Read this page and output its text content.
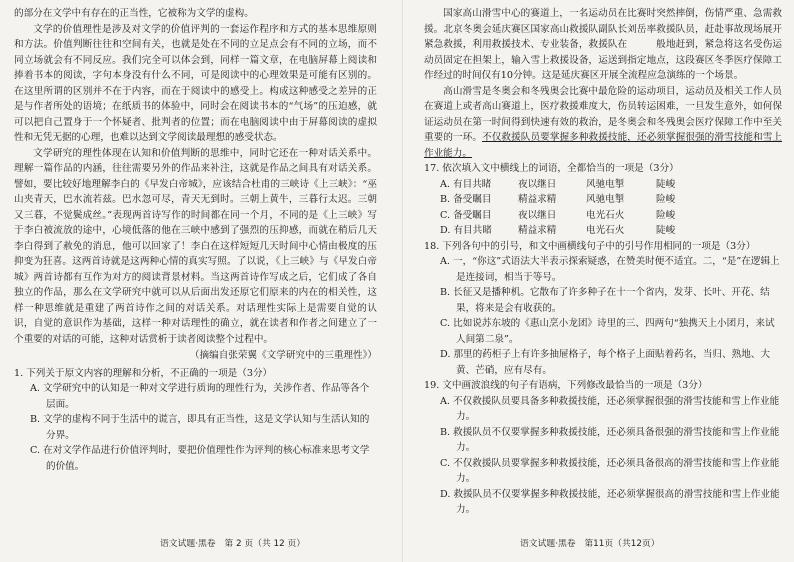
的部分在文学中有存在的正当性，它被称为文学的虚构。

文学的价值理性是涉及对文学的价值评判的一套运作程序和方式的基本思维原则和方法。价值判断往往和空间有关，也就是处在不同的立足点会有不同的立场，而不同立场就会有不同反应。我们完全可以体会到，同样一篇文章，在电脑屏幕上阅读和捧着书本的阅读，字句本身没有什么不同，可是阅读中的心理效果是可能有区别的。在这里所谓的区别并不在于内容，而在于阅读中的感受上。构成这种感受之差异的正是与作者所处的语境；在纸质书的体验中，同时会在阅读书本的“气场”的压迫感，就可以把自己置身于一个怀疑者、批判者的位置；而在电脑阅读中由于屏幕阅读的虚拟性和无凭无据的心理，也难以达到文学阅读最理想的感受状态。

文学研究的理性体现在认知和价值判断的思维中，同时它还在一种对话关系中。理解一篇作品的内涵，往往需要另外的作品来补注，这就是作品之间具有对话关系。譬如，要比较好地理解李白的《早发白帝城》，应该结合杜甫的三峡诗《上三峡》：“巫山夹青天，巴水流若兹。巴水忽可尽，青天无到时。三朝上黄牛，三暮行太迟。三朝又三暮，不觉鬓成丝。”表现两首诗写作的时间都在同一个月，不同的是《上三峡》写于李白被流放的途中，心境低落的他在三峡中感到了强烈的压抑感，而就在稍后几天李白得到了赦免的消息，他可以回家了！李白在这样短短几天时间中心情由极度的压抑变为狂喜。这两首诗就是这两种心情的真实写照。了以说，《上三峡》与《早发白帝城》两首诗都有互作为对方的阅读背景材料。当这两首诗作写成之后，它们成了各自独立的作品，那么在文学研究中就可以从后面出发还原它们原来的内在的相关性，这样一种思维就是重建了两首诗作之间的对话关系。对话理性实际上是需要自觉的认识，自觉的意识作为基础，这样一种对话理性的确立，就在读者和作者之间建立了一个重要的对话的可能，这种对话赏析于读者阅读整个过程中。

（摘编自张荣翼《文学研究中的三重理性》）

1. 下列关于原文内容的理解和分析，不正确的一项是（3分）

A. 文学研究中的认知是一种对文学进行质询的理性行为，关涉作者、作品等各个层面。

B. 文学的虚构不同于生活中的谎言，即具有正当性，这是文学认知与生活认知的分界。

C. 在对文学作品进行价值评判时，要把价值理性作为评判的核心标准来思考文学的价值。

语文试题·黑卷　第 2 页（共 12 页）

国家高山滑雪中心的赛道上，一名运动员在比赛时突然摔倒，伤情严重、急需救援。北京冬奥会延庆赛区国家高山救援队副队长刘岳率救援队员，赶赴事故现场展开紧急救援，利用救援技术、专业装备，救援队在　　　般地赶到，紧急将这名受伤运动员固定在担架上，输入雪上救援设备，运送到指定地点，这段赛区冬季医疗保障工作经过的时间仅有10分钟。这是延庆赛区开展全流程应急演练的一个场景。

高山滑雪是冬奥会和冬残奥会比赛中最危险的运动项目，运动员及相关工作人员在赛道上或者高山赛道上，医疗救援难度大，伤员转运困难，一旦发生意外，如何保证运动员在第一时间得到快速有效的救治，是冬奥会和冬残奥会医疗保障工作中至关重要的一环。不仅救援队员要掌握多种救援技能，还必须掌握很强的滑雪技能和雪上作业能力。

17. 依次填入文中横线上的词语，全都恰当的一项是（3分）

A. 有目共睹	夜以继日	风驰电掣	陡峻
B. 备受瞩目	精益求精	风驰电掣	险峻
C. 备受瞩目	夜以继日	电光石火	险峻
D. 有目共睹	精益求精	电光石火	陡峻

18. 下列各句中的引号，和文中画横线句子中的引号作用相同的一项是（3分）

A. 一，“你这”式语法大半表示探索疑惑，在赞美时便不适宜。二，“是”在逻辑上是连接词，相当于等号。

B. 长征又是播种机。它散布了许多种子在十一个省内，发芽、长叶、开花、结果，将来是会有收获的。

C. 比如说苏东坡的《惠山烹小龙团》诗里的三、四两句“独携天上小团月，来试人间第二泉”。

D. 那里的药柜子上有许多抽屉格子，每个格子上面贴着药名，当归、熟地、大黄、芒硝，应有尽有。

19. 文中画波浪线的句子有语病，下列修改最恰当的一项是（3分）

A. 不仅救援队员要具备多种救援技能，还必须掌握很强的滑雪技能和雪上作业能力。

B. 救援队员不仅要掌握多种救援技能，还必须具备很强的滑雪技能和雪上作业能力。

C. 不仅救援队员要掌握多种救援技能，还必须具备很高的滑雪技能和雪上作业能力。

D. 救援队员不仅要掌握多种救援技能，还必须掌握很高的滑雪技能和雪上作业能力。

语文试题·黑卷　第11页（共12页）
